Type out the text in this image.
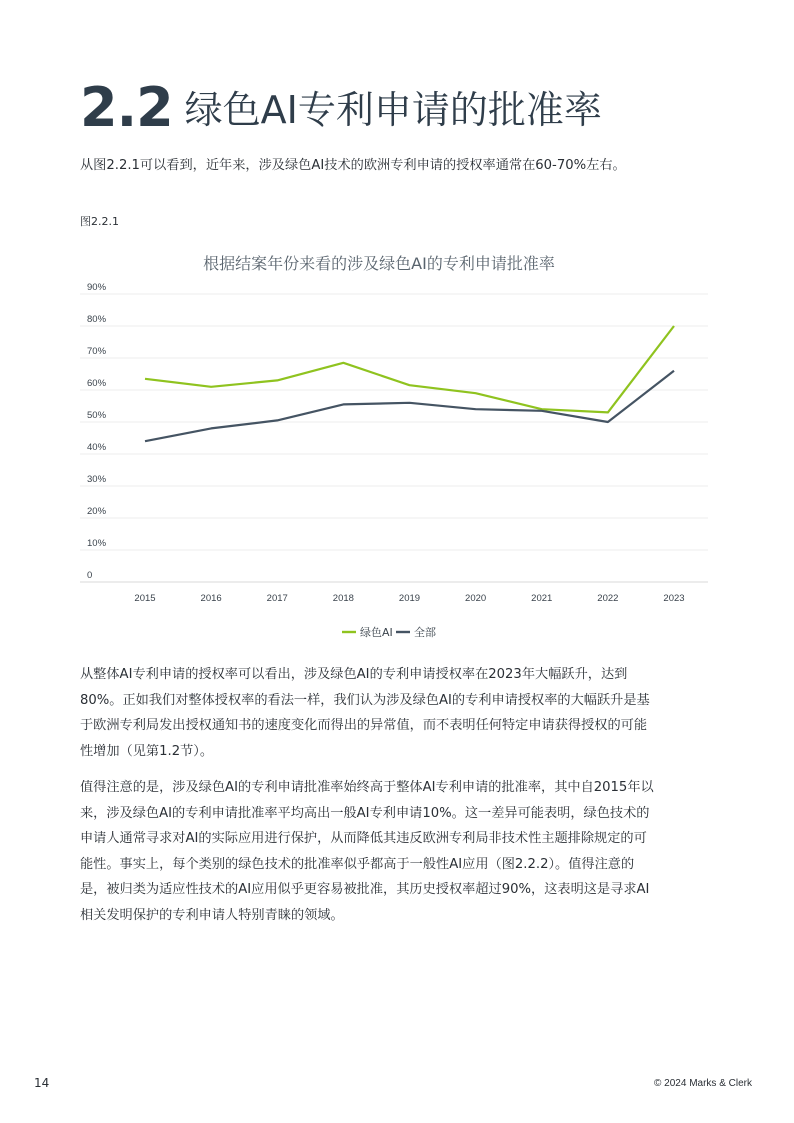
2.2 绿色AI专利申请的批准率
从图2.2.1可以看到，近年来，涉及绿色AI技术的欧洲专利申请的授权率通常在60-70%左右。
图2.2.1
根据结案年份来看的涉及绿色AI的专利申请批准率
0
10%
20%
30%
40%
50%
60%
70%
80%
90%
2015	2016	2017	2018	2019	2020	2021	2022	2023
绿色AI 全部
从整体AI专利申请的授权率可以看出，涉及绿色AI的专利申请授权率在2023年大幅跃升，达到
80%。正如我们对整体授权率的看法一样，我们认为涉及绿色AI的专利申请授权率的大幅跃升是基
于欧洲专利局发出授权通知书的速度变化而得出的异常值，而不表明任何特定申请获得授权的可能
性增加（见第1.2节）。
值得注意的是，涉及绿色AI的专利申请批准率始终高于整体AI专利申请的批准率，其中自2015年以
来，涉及绿色AI的专利申请批准率平均高出一般AI专利申请10%。这一差异可能表明，绿色技术的
申请人通常寻求对AI的实际应用进行保护，从而降低其违反欧洲专利局非技术性主题排除规定的可
能性。事实上，每个类别的绿色技术的批准率似乎都高于一般性AI应用（图2.2.2）。值得注意的
是，被归类为适应性技术的AI应用似乎更容易被批准，其历史授权率超过90%，这表明这是寻求AI
相关发明保护的专利申请人特别青睐的领域。
14	© 2024 Marks & Clerk
